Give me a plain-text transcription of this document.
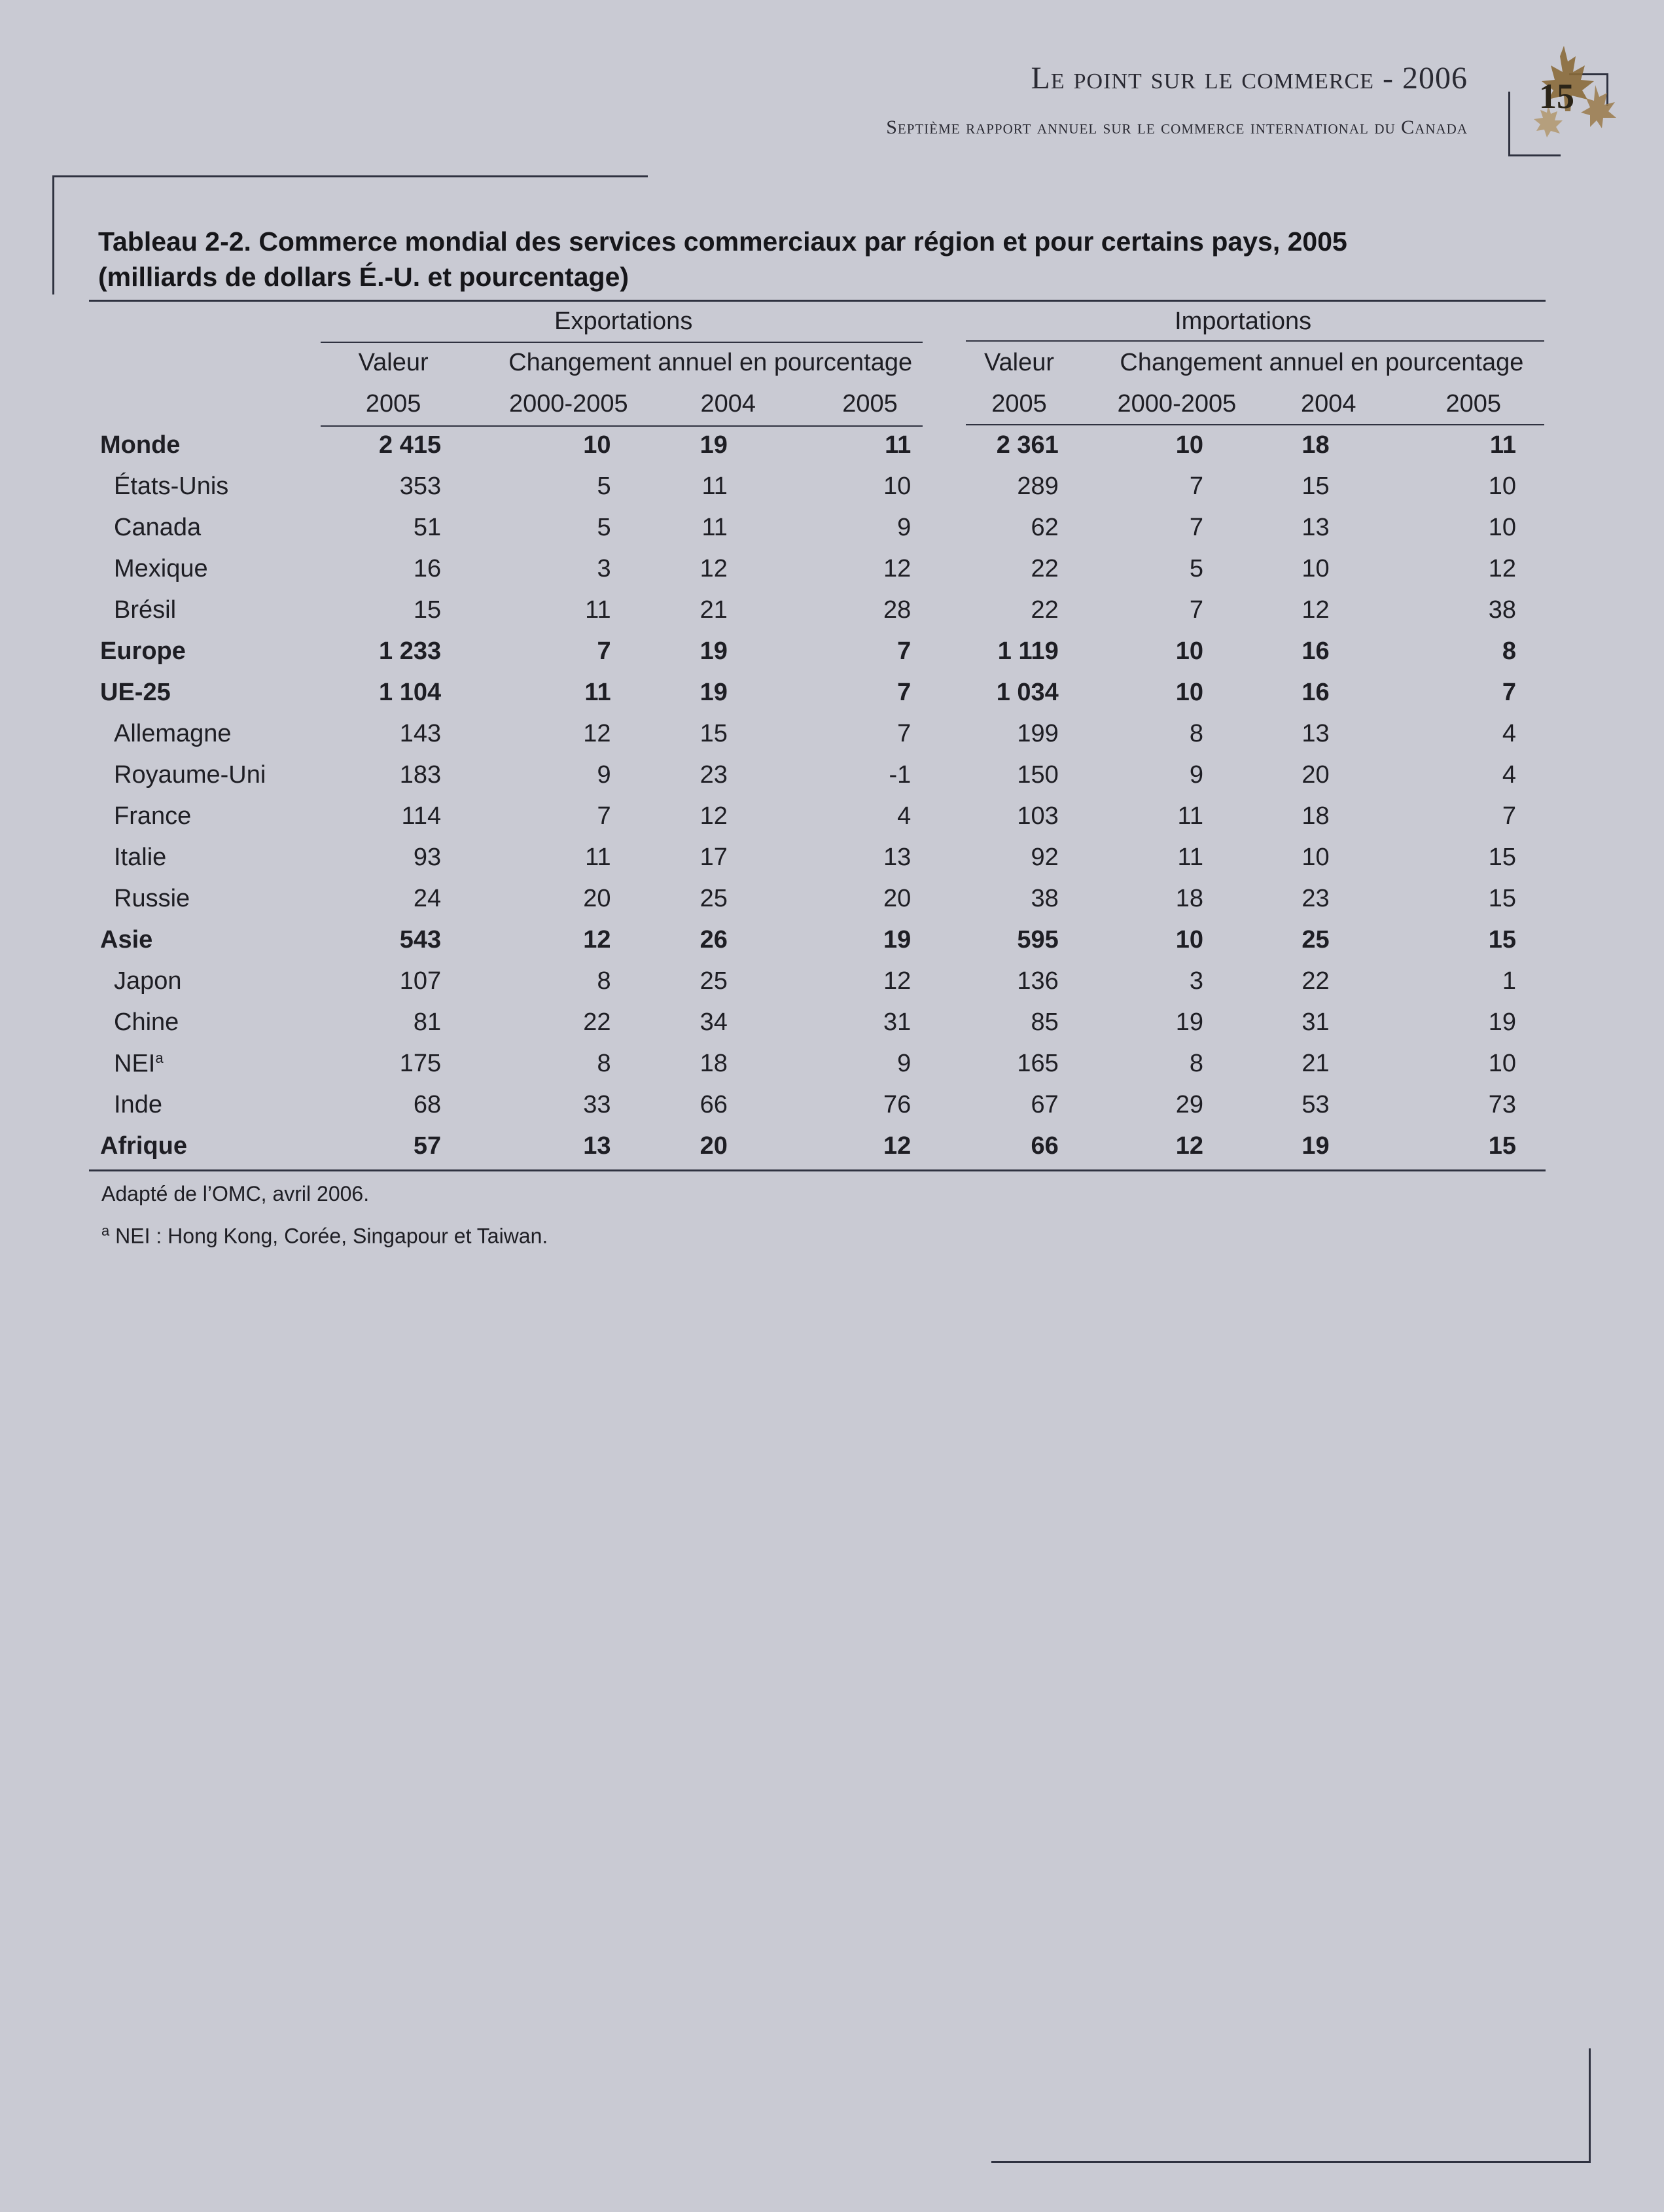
Le point sur le commerce - 2006
Septième rapport annuel sur le commerce international du Canada
15
Tableau 2-2. Commerce mondial des services commerciaux par région et pour certains pays, 2005
(milliards de dollars É.-U. et pourcentage)
	Exportations				Importations			
	Valeur	Changement annuel en pourcentage			Valeur	Changement annuel en pourcentage		
	2005	2000-2005	2004	2005	2005	2000-2005	2004	2005
Monde	2 415	10	19	11	2 361	10	18	11
États-Unis	353	5	11	10	289	7	15	10
Canada	51	5	11	9	62	7	13	10
Mexique	16	3	12	12	22	5	10	12
Brésil	15	11	21	28	22	7	12	38
Europe	1 233	7	19	7	1 119	10	16	8
UE-25	1 104	11	19	7	1 034	10	16	7
Allemagne	143	12	15	7	199	8	13	4
Royaume-Uni	183	9	23	-1	150	9	20	4
France	114	7	12	4	103	11	18	7
Italie	93	11	17	13	92	11	10	15
Russie	24	20	25	20	38	18	23	15
Asie	543	12	26	19	595	10	25	15
Japon	107	8	25	12	136	3	22	1
Chine	81	22	34	31	85	19	31	19
NEI$^a$	175	8	18	9	165	8	21	10
Inde	68	33	66	76	67	29	53	73
Afrique	57	13	20	12	66	12	19	15
Adapté de l’OMC, avril 2006.
$^a$ NEI : Hong Kong, Corée, Singapour et Taiwan.
